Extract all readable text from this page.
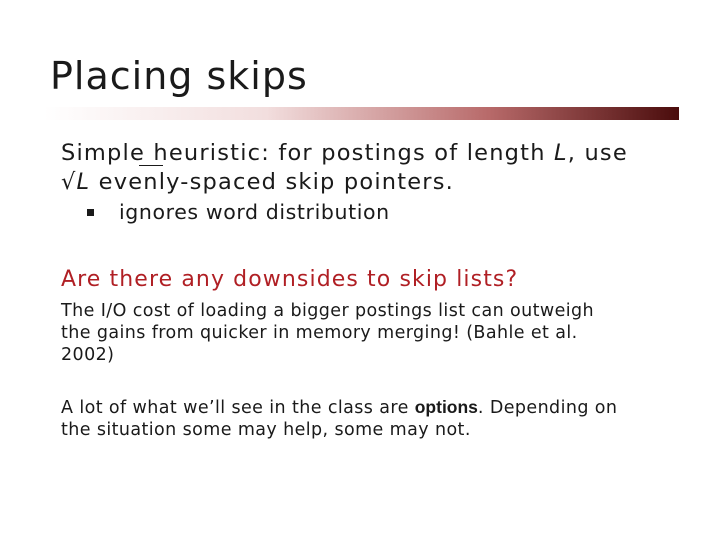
Placing skips
Simple heuristic: for postings of length L, use
√L evenly-spaced skip pointers.
ignores word distribution
Are there any downsides to skip lists?
The I/O cost of loading a bigger postings list can outweigh
the gains from quicker in memory merging! (Bahle et al.
2002)
A lot of what we’ll see in the class are options. Depending on
the situation some may help, some may not.
